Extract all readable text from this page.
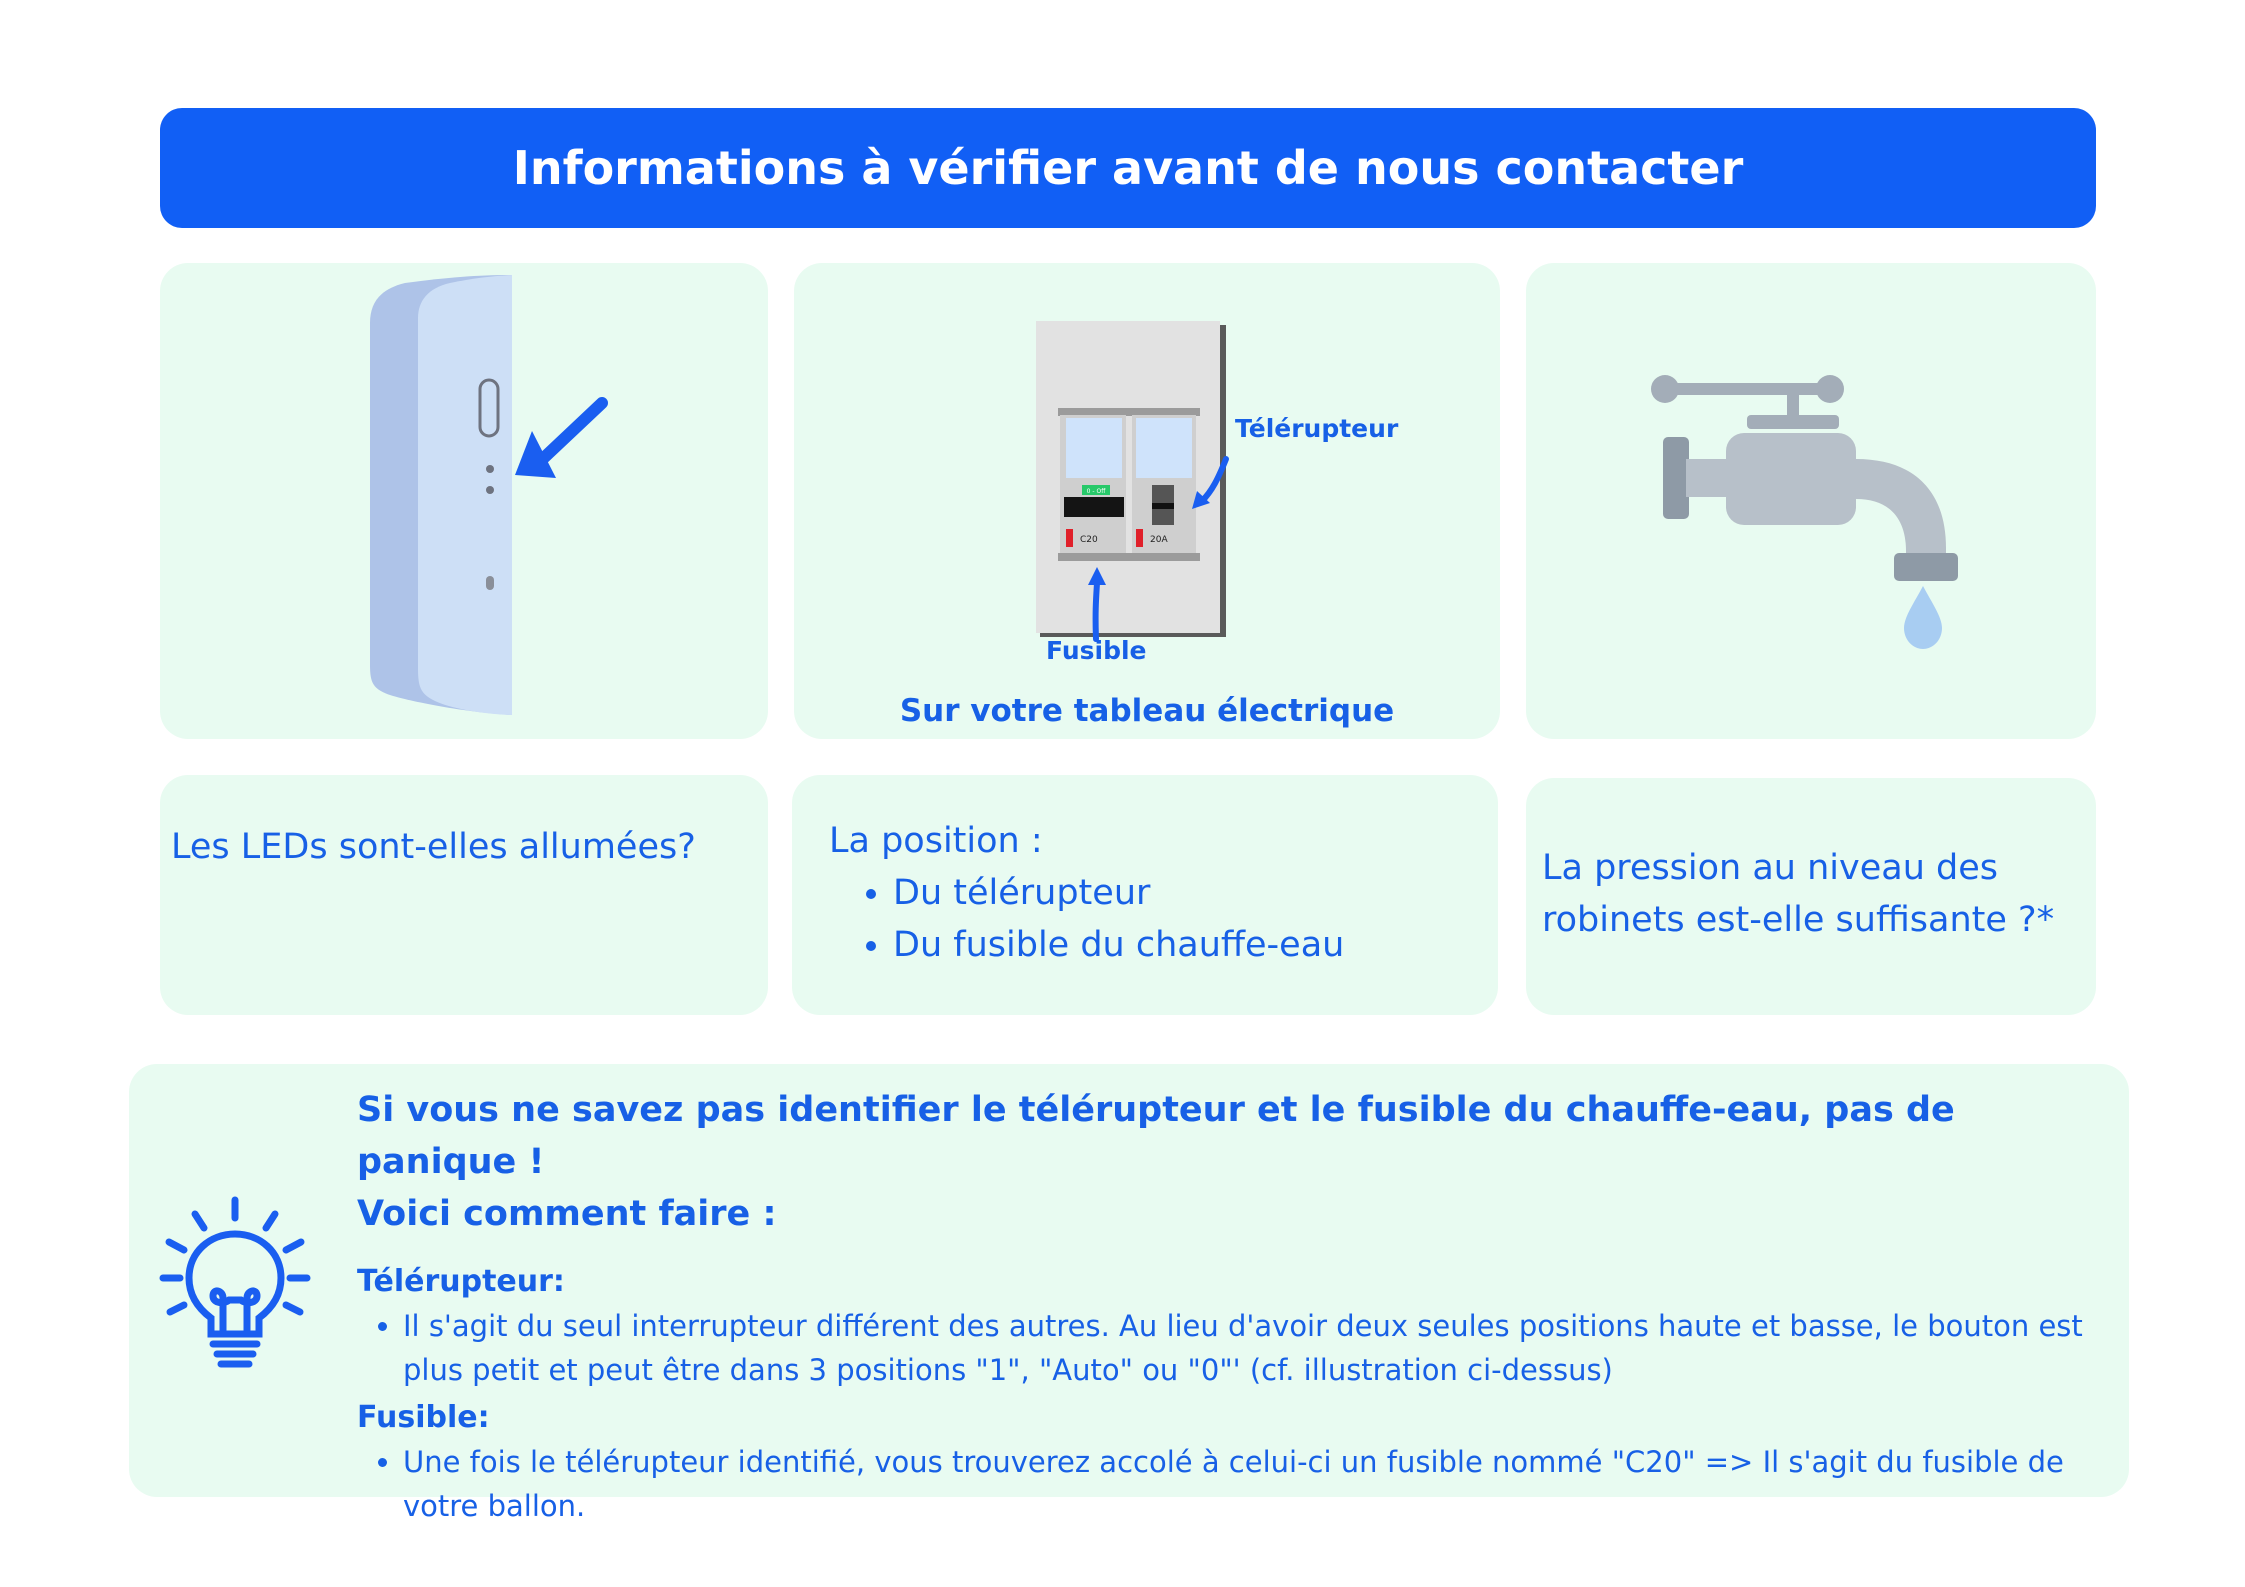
Informations à vérifier avant de nous contacter
0 - Off
C20	20A
Télérupteur
Fusible
Sur votre tableau électrique
Les LEDs sont-elles allumées?	La position :
• Du télérupteur
• Du fusible du chauffe-eau
La pression au niveau des robinets est-elle suffisante ?*
Si vous ne savez pas identifier le télérupteur et le fusible du chauffe-eau, pas de panique !
Voici comment faire :
Télérupteur:
• Il s'agit du seul interrupteur différent des autres. Au lieu d'avoir deux seules positions haute et basse, le bouton est plus petit et peut être dans 3 positions "1", "Auto" ou "0"' (cf. illustration ci-dessus)
Fusible:
• Une fois le télérupteur identifié, vous trouverez accolé à celui-ci un fusible nommé "C20" => Il s'agit du fusible de votre ballon.
